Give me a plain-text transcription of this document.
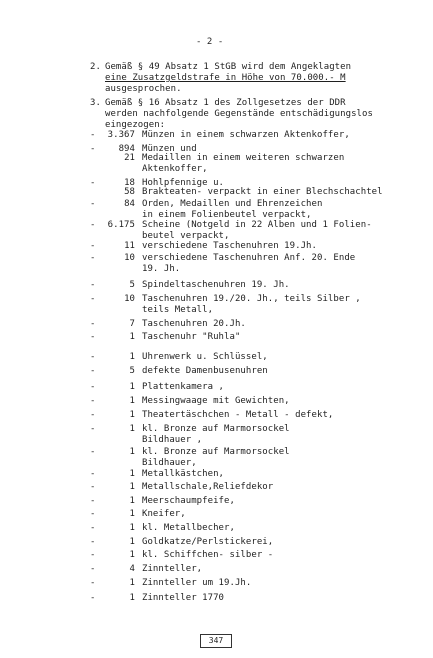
- 2 -
2. Gemäß § 49 Absatz 1 StGB wird dem Angeklagten
eine Zusatzgeldstrafe in Höhe von 70.000.- M
ausgesprochen.
3. Gemäß § 16 Absatz 1 des Zollgesetzes der DDR
werden nachfolgende Gegenstände entschädigungslos
eingezogen:
-	3.367 Münzen in einem schwarzen Aktenkoffer,
-	894 Münzen und
21 Medaillen in einem weiteren schwarzen
Aktenkoffer,
-	18 Hohlpfennige u.
58 Brakteaten- verpackt in einer Blechschachtel
-	84 Orden, Medaillen und Ehrenzeichen
in einem Folienbeutel verpackt,
-	6.175 Scheine (Notgeld in 22 Alben und 1 Folien-
beutel verpackt,
-	11 verschiedene Taschenuhren 19.Jh.
-	10 verschiedene Taschenuhren Anf. 20. Ende
19. Jh.
-	5 Spindeltaschenuhren 19. Jh.
-	10 Taschenuhren 19./20. Jh., teils Silber ,
teils Metall,
-	7 Taschenuhren 20.Jh.
-	1 Taschenuhr "Ruhla"
-	1 Uhrenwerk u. Schlüssel,
-	5 defekte Damenbusenuhren
-	1 Plattenkamera ,
-	1 Messingwaage mit Gewichten,
-	1 Theatertäschchen - Metall - defekt,
-	1 kl. Bronze auf Marmorsockel
Bildhauer ,
-	1 kl. Bronze auf Marmorsockel
Bildhauer,
-	1 Metallkästchen,
-	1 Metallschale,Reliefdekor
-	1 Meerschaumpfeife,
-	1 Kneifer,
-	1 kl. Metallbecher,
-	1 Goldkatze/Perlstickerei,
-	1 kl. Schiffchen- silber -
-	4 Zinnteller,
-	1 Zinnteller um 19.Jh.
-	1 Zinnteller 1770
347
